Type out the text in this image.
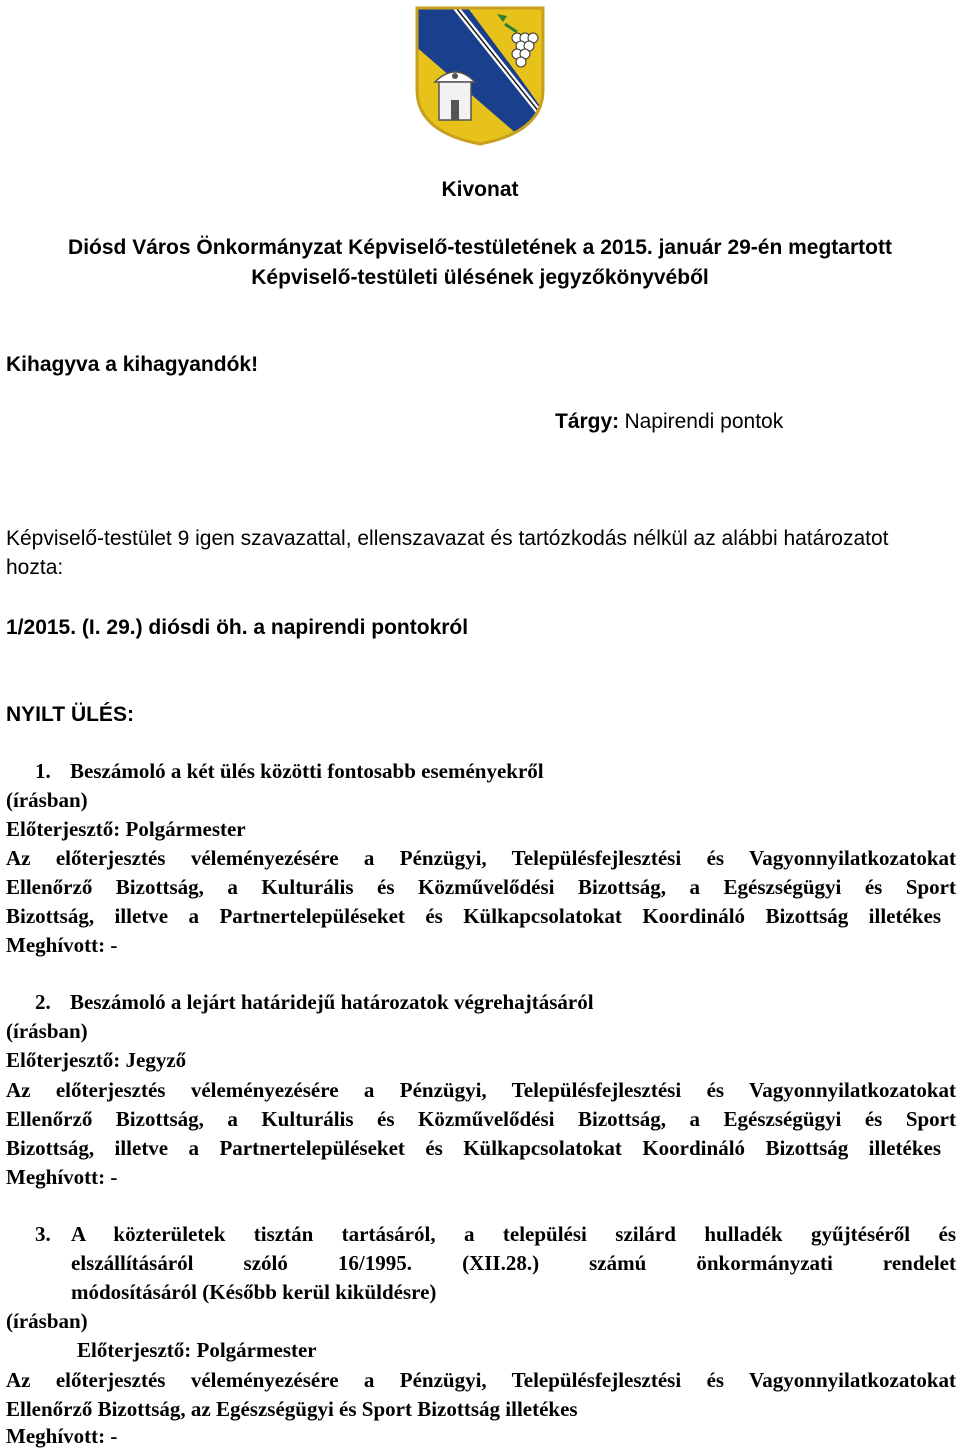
Kivonat
Diósd Város Önkormányzat Képviselő-testületének a 2015. január 29-én megtartott
Képviselő-testületi ülésének jegyzőkönyvéből
Kihagyva a kihagyandók!
Tárgy: Napirendi pontok
Képviselő-testület 9 igen szavazattal, ellenszavazat és tartózkodás nélkül az alábbi határozatot
hozta:
1/2015. (I. 29.) diósdi öh. a napirendi pontokról
NYILT ÜLÉS:
1. Beszámoló a két ülés közötti fontosabb eseményekről
(írásban)
Előterjesztő: Polgármester
Az előterjesztés véleményezésére a Pénzügyi, Településfejlesztési és Vagyonnyilatkozatokat
Ellenőrző Bizottság, a Kulturális és Közművelődési Bizottság, a Egészségügyi és Sport
Bizottság, illetve a Partnertelepüléseket és Külkapcsolatokat Koordináló Bizottság illetékes
Meghívott: -
2. Beszámoló a lejárt határidejű határozatok végrehajtásáról
(írásban)
Előterjesztő: Jegyző
Az előterjesztés véleményezésére a Pénzügyi, Településfejlesztési és Vagyonnyilatkozatokat
Ellenőrző Bizottság, a Kulturális és Közművelődési Bizottság, a Egészségügyi és Sport
Bizottság, illetve a Partnertelepüléseket és Külkapcsolatokat Koordináló Bizottság illetékes
Meghívott: -
3. A közterületek tisztán tartásáról, a települési szilárd hulladék gyűjtéséről és
elszállításáról szóló 16/1995. (XII.28.) számú önkormányzati rendelet
módosításáról (Később kerül kiküldésre)
(írásban)
Előterjesztő: Polgármester
Az előterjesztés véleményezésére a Pénzügyi, Településfejlesztési és Vagyonnyilatkozatokat
Ellenőrző Bizottság, az Egészségügyi és Sport Bizottság illetékes
Meghívott: -
